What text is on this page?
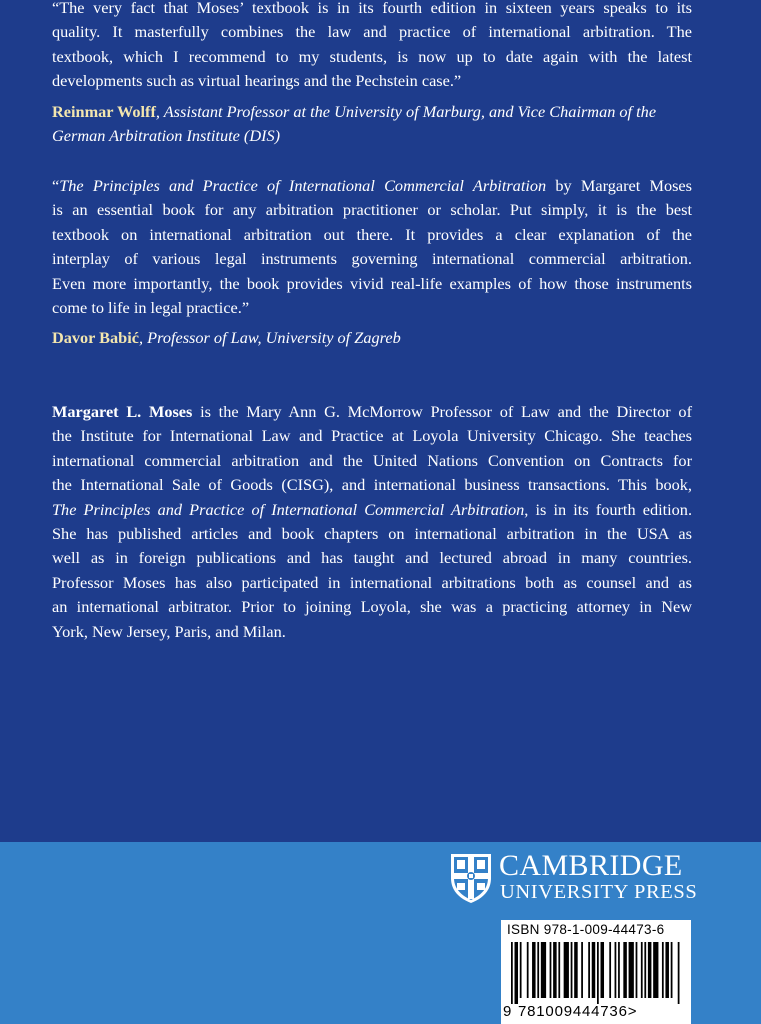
“The very fact that Moses’ textbook is in its fourth edition in sixteen years speaks to its
quality. It masterfully combines the law and practice of international arbitration. The
textbook, which I recommend to my students, is now up to date again with the latest
developments such as virtual hearings and the Pechstein case.”
Reinmar Wolff, Assistant Professor at the University of Marburg, and Vice Chairman of the
German Arbitration Institute (DIS)
“The Principles and Practice of International Commercial Arbitration by Margaret Moses
is an essential book for any arbitration practitioner or scholar. Put simply, it is the best
textbook on international arbitration out there. It provides a clear explanation of the
interplay of various legal instruments governing international commercial arbitration.
Even more importantly, the book provides vivid real-life examples of how those instruments
come to life in legal practice.”
Davor Babić, Professor of Law, University of Zagreb
Margaret L. Moses is the Mary Ann G. McMorrow Professor of Law and the Director of
the Institute for International Law and Practice at Loyola University Chicago. She teaches
international commercial arbitration and the United Nations Convention on Contracts for
the International Sale of Goods (CISG), and international business transactions. This book,
The Principles and Practice of International Commercial Arbitration, is in its fourth edition.
She has published articles and book chapters on international arbitration in the USA as
well as in foreign publications and has taught and lectured abroad in many countries.
Professor Moses has also participated in international arbitrations both as counsel and as
an international arbitrator. Prior to joining Loyola, she was a practicing attorney in New
York, New Jersey, Paris, and Milan.
CAMBRIDGE
UNIVERSITY PRESS
ISBN 978-1-009-44473-6
9 781009444736>
